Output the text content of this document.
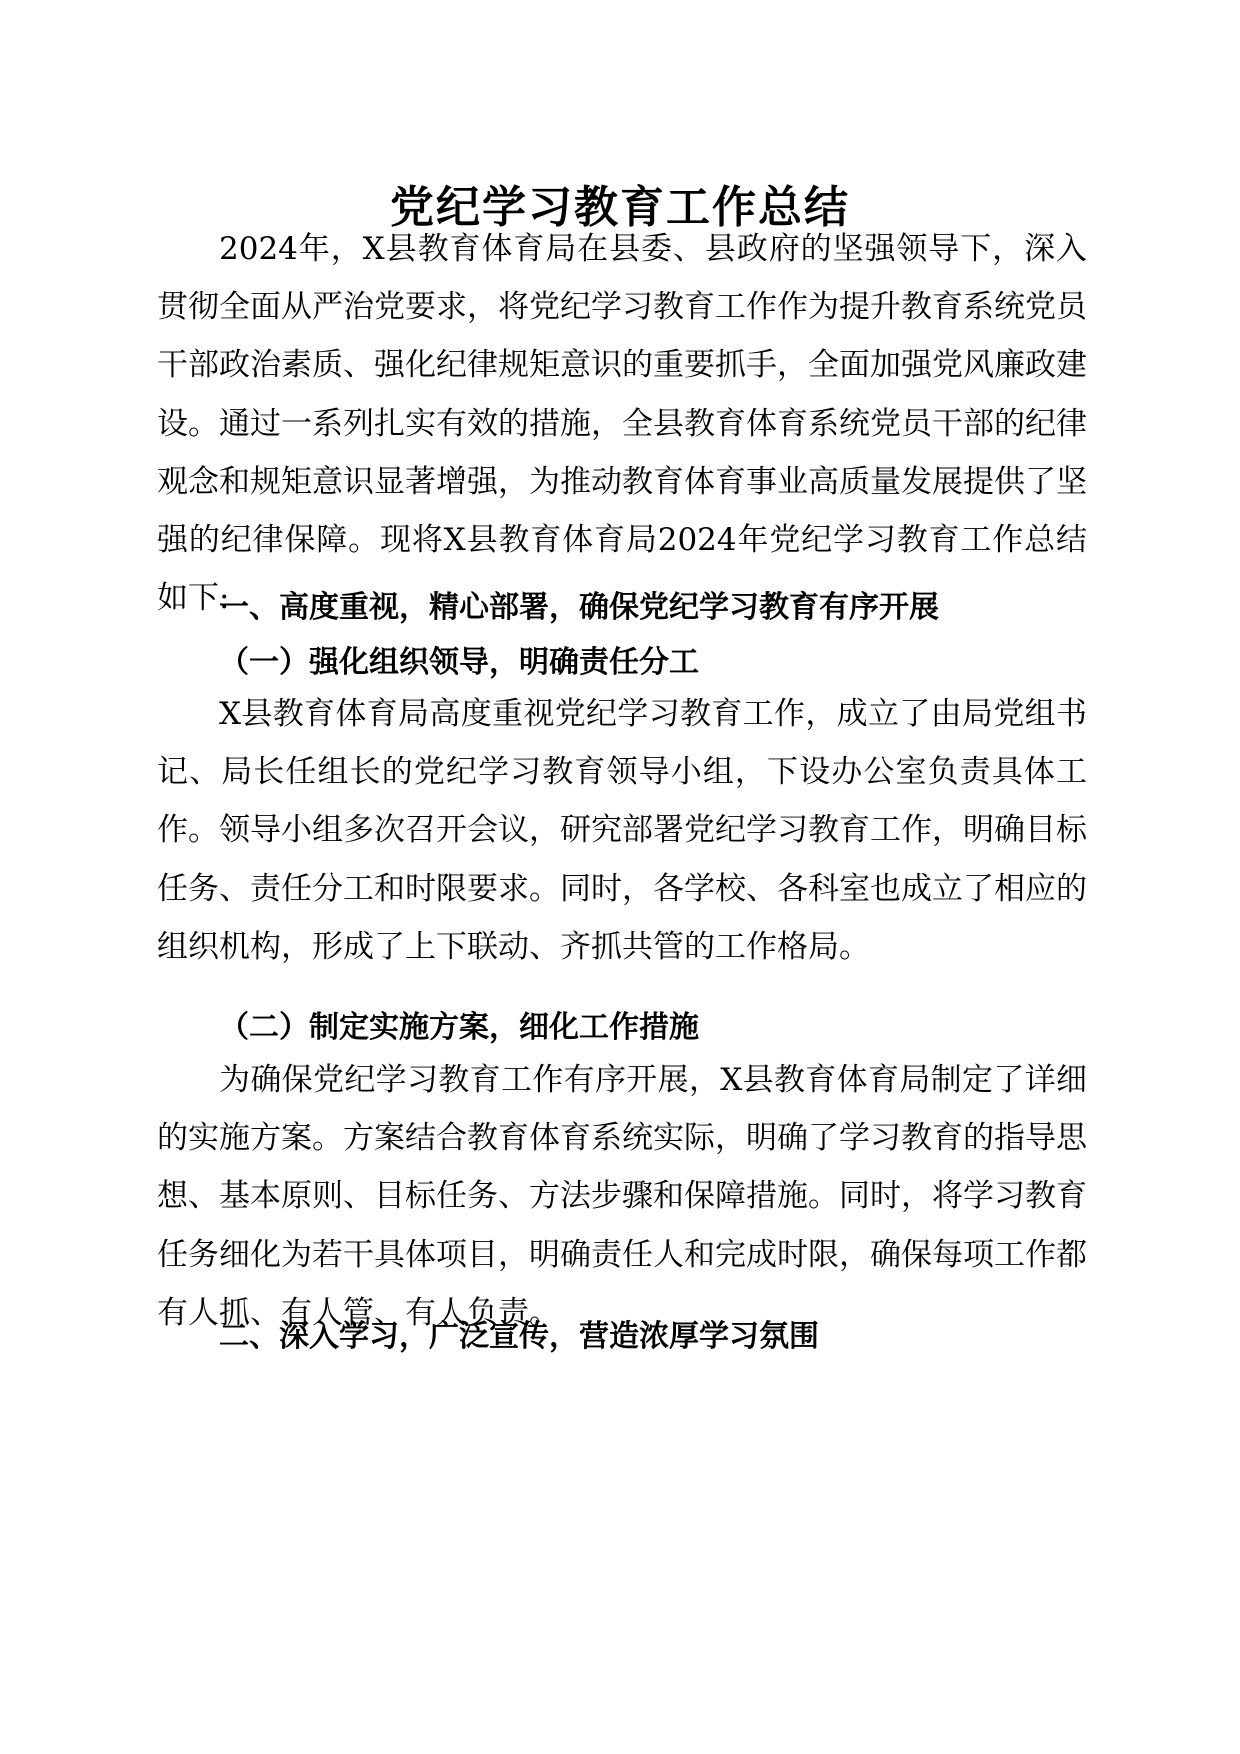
党纪学习教育工作总结

2024年，X县教育体育局在县委、县政府的坚强领导下，深入贯彻全面从严治党要求，将党纪学习教育工作作为提升教育系统党员干部政治素质、强化纪律规矩意识的重要抓手，全面加强党风廉政建设。通过一系列扎实有效的措施，全县教育体育系统党员干部的纪律观念和规矩意识显著增强，为推动教育体育事业高质量发展提供了坚强的纪律保障。现将X县教育体育局2024年党纪学习教育工作总结如下:

一、高度重视，精心部署，确保党纪学习教育有序开展
（一）强化组织领导，明确责任分工

X县教育体育局高度重视党纪学习教育工作，成立了由局党组书记、局长任组长的党纪学习教育领导小组，下设办公室负责具体工作。领导小组多次召开会议，研究部署党纪学习教育工作，明确目标任务、责任分工和时限要求。同时，各学校、各科室也成立了相应的组织机构，形成了上下联动、齐抓共管的工作格局。

（二）制定实施方案，细化工作措施

为确保党纪学习教育工作有序开展，X县教育体育局制定了详细的实施方案。方案结合教育体育系统实际，明确了学习教育的指导思想、基本原则、目标任务、方法步骤和保障措施。同时，将学习教育任务细化为若干具体项目，明确责任人和完成时限，确保每项工作都有人抓、有人管、有人负责。

二、深入学习，广泛宣传，营造浓厚学习氛围
